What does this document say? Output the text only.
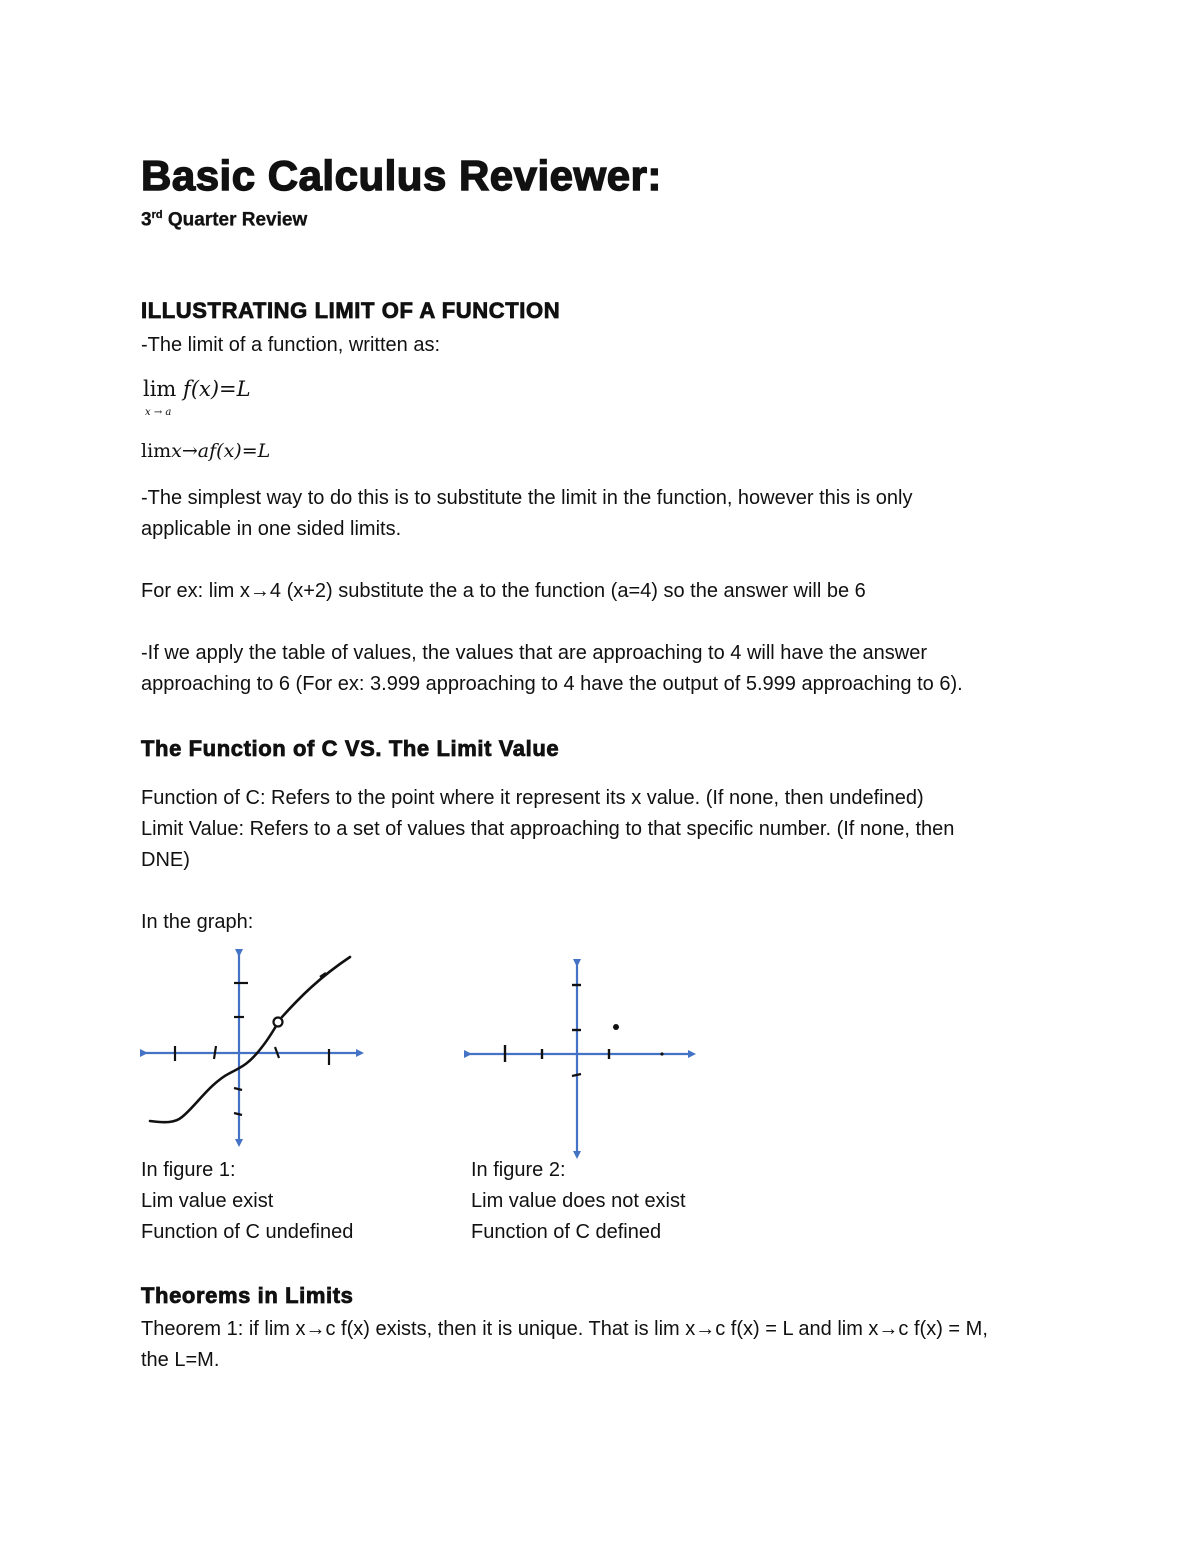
Basic Calculus Reviewer:
3rd Quarter Review
ILLUSTRATING LIMIT OF A FUNCTION
-The limit of a function, written as:
lim f(x)=L
x → a
limx→af(x)=L
-The simplest way to do this is to substitute the limit in the function, however this is only
applicable in one sided limits.
For ex: lim x→4 (x+2) substitute the a to the function (a=4) so the answer will be 6
-If we apply the table of values, the values that are approaching to 4 will have the answer
approaching to 6 (For ex: 3.999 approaching to 4 have the output of 5.999 approaching to 6).
The Function of C VS. The Limit Value
Function of C: Refers to the point where it represent its x value. (If none, then undefined)
Limit Value: Refers to a set of values that approaching to that specific number. (If none, then
DNE)
In the graph:
In figure 1:
Lim value exist
Function of C undefined
In figure 2:
Lim value does not exist
Function of C defined
Theorems in Limits
Theorem 1: if lim x→c f(x) exists, then it is unique. That is lim x→c f(x) = L and lim x→c f(x) = M,
the L=M.
